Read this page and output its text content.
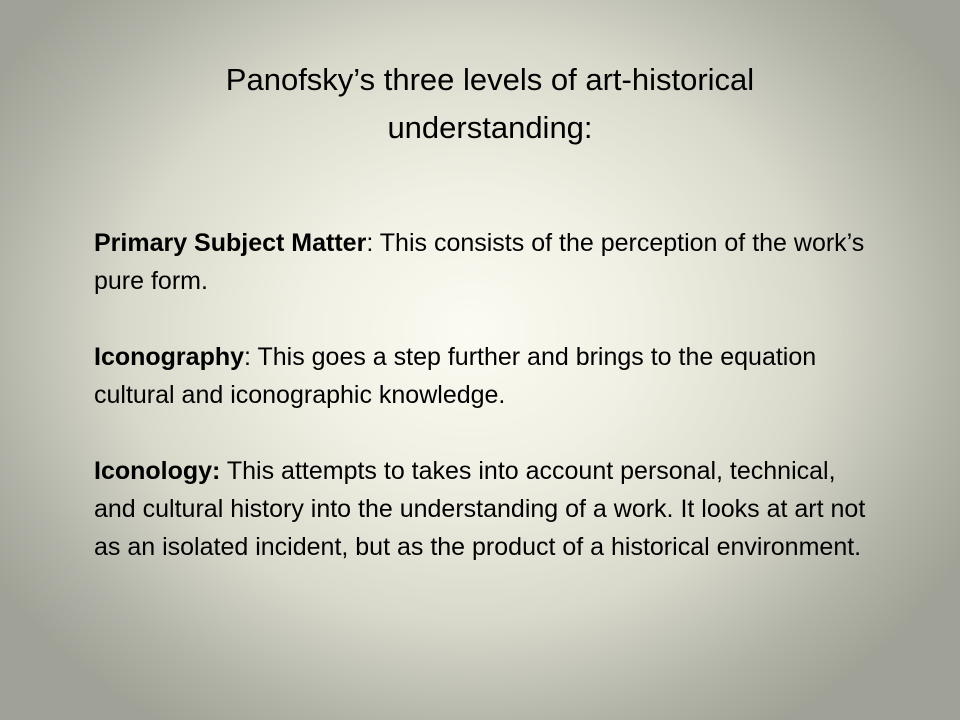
Panofsky’s three levels of art-historical understanding:

Primary Subject Matter: This consists of the perception of the work’s pure form.

Iconography: This goes a step further and brings to the equation cultural and iconographic knowledge.

Iconology: This attempts to takes into account personal, technical, and cultural history into the understanding of a work. It looks at art not as an isolated incident, but as the product of a historical environment.
